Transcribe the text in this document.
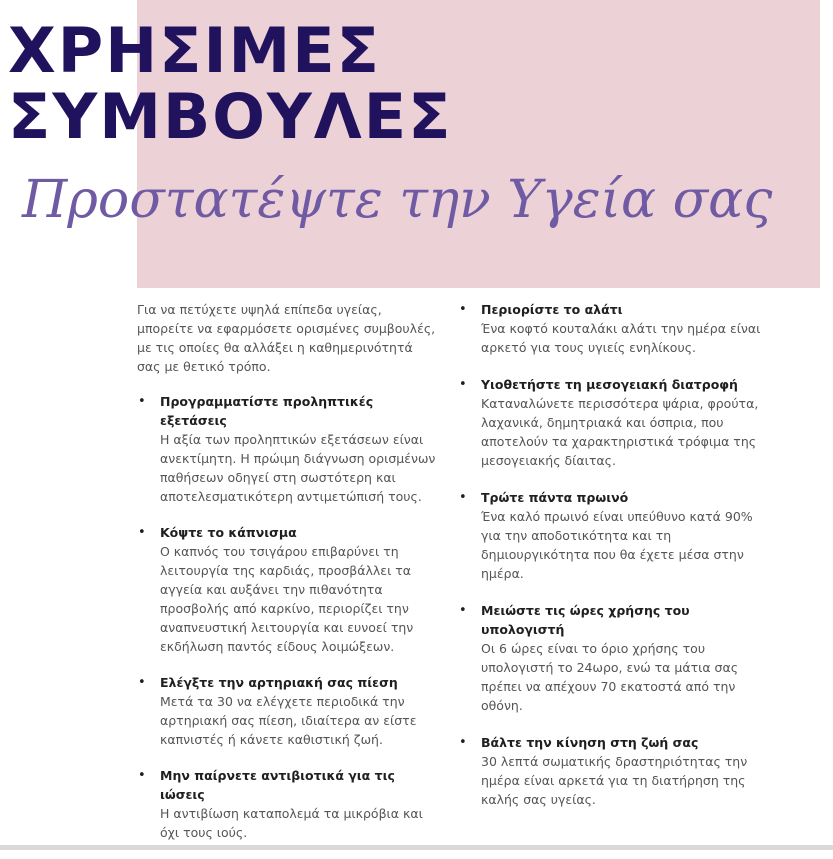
ΧΡΗΣΙΜΕΣ
ΣΥΜΒΟΥΛΕΣ
Προστατέψτε την Υγεία σας

Για να πετύχετε υψηλά επίπεδα υγείας, μπορείτε να εφαρμόσετε ορισμένες συμβουλές, με τις οποίες θα αλλάξει η καθημερινότητά σας με θετικό τρόπο.

• Προγραμματίστε προληπτικές εξετάσεις
Η αξία των προληπτικών εξετάσεων είναι ανεκτίμητη. Η πρώιμη διάγνωση ορισμένων παθήσεων οδηγεί στη σωστότερη και αποτελεσματικότερη αντιμετώπισή τους.
• Κόψτε το κάπνισμα
Ο καπνός του τσιγάρου επιβαρύνει τη λειτουργία της καρδιάς, προσβάλλει τα αγγεία και αυξάνει την πιθανότητα προσβολής από καρκίνο, περιορίζει την αναπνευστική λειτουργία και ευνοεί την εκδήλωση παντός είδους λοιμώξεων.
• Ελέγξτε την αρτηριακή σας πίεση
Μετά τα 30 να ελέγχετε περιοδικά την αρτηριακή σας πίεση, ιδιαίτερα αν είστε καπνιστές ή κάνετε καθιστική ζωή.
• Μην παίρνετε αντιβιοτικά για τις ιώσεις
Η αντιβίωση καταπολεμά τα μικρόβια και όχι τους ιούς.
• Περιορίστε το αλάτι
Ένα κοφτό κουταλάκι αλάτι την ημέρα είναι αρκετό για τους υγιείς ενηλίκους.
• Υιοθετήστε τη μεσογειακή διατροφή
Καταναλώνετε περισσότερα ψάρια, φρούτα, λαχανικά, δημητριακά και όσπρια, που αποτελούν τα χαρακτηριστικά τρόφιμα της μεσογειακής δίαιτας.
• Τρώτε πάντα πρωινό
Ένα καλό πρωινό είναι υπεύθυνο κατά 90% για την αποδοτικότητα και τη δημιουργικότητα που θα έχετε μέσα στην ημέρα.
• Μειώστε τις ώρες χρήσης του υπολογιστή
Οι 6 ώρες είναι το όριο χρήσης του υπολογιστή το 24ωρο, ενώ τα μάτια σας πρέπει να απέχουν 70 εκατοστά από την οθόνη.
• Βάλτε την κίνηση στη ζωή σας
30 λεπτά σωματικής δραστηριότητας την ημέρα είναι αρκετά για τη διατήρηση της καλής σας υγείας.
